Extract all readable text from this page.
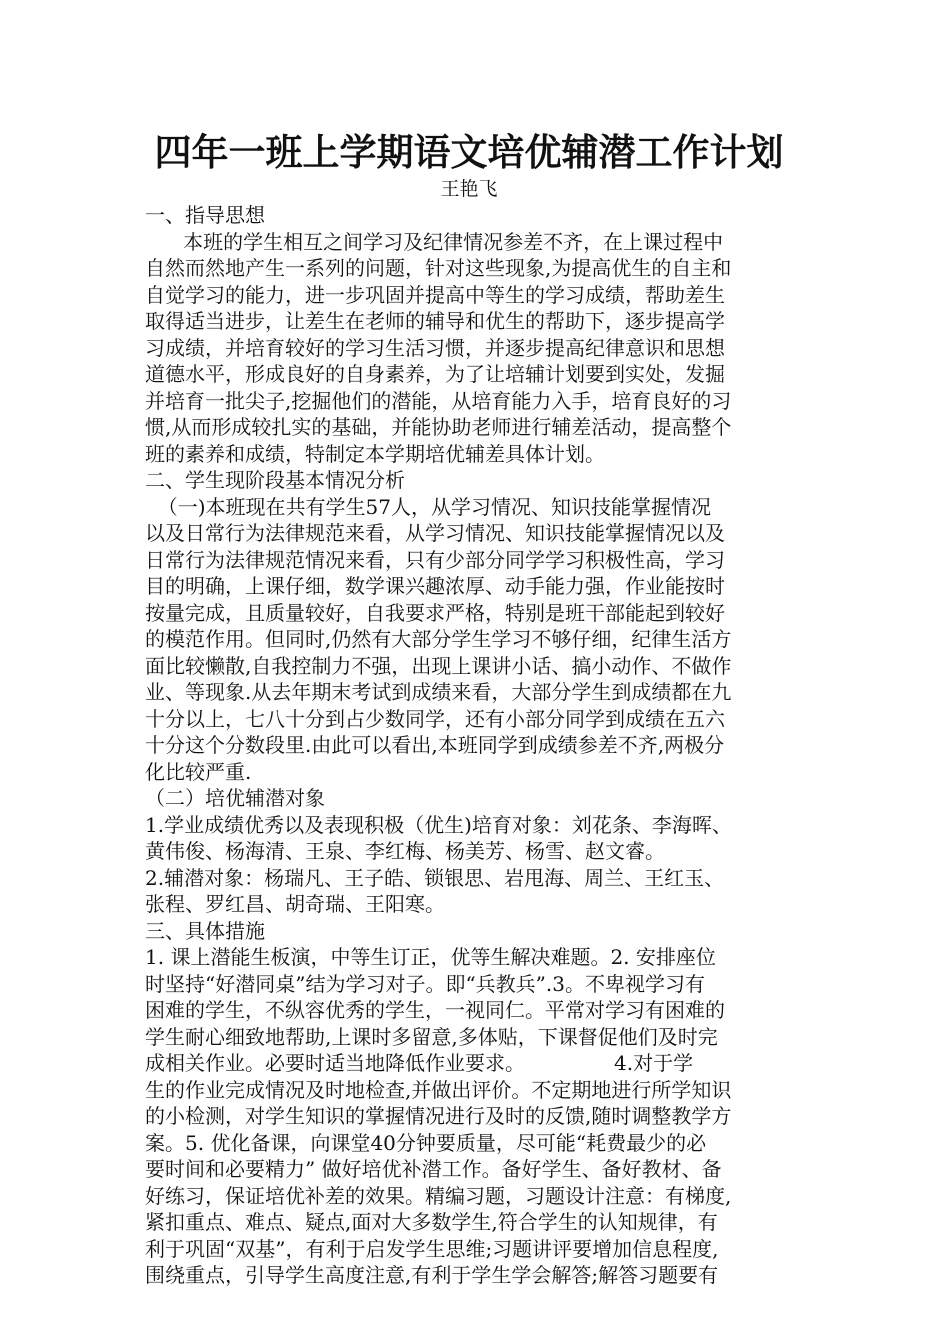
四年一班上学期语文培优辅潜工作计划

王艳飞

一、指导思想

本班的学生相互之间学习及纪律情况参差不齐，在上课过程中

自然而然地产生一系列的问题，针对这些现象,为提高优生的自主和

自觉学习的能力，进一步巩固并提高中等生的学习成绩，帮助差生

取得适当进步，让差生在老师的辅导和优生的帮助下，逐步提高学

习成绩，并培育较好的学习生活习惯，并逐步提高纪律意识和思想

道德水平，形成良好的自身素养，为了让培辅计划要到实处，发掘

并培育一批尖子,挖掘他们的潜能，从培育能力入手，培育良好的习

惯,从而形成较扎实的基础，并能协助老师进行辅差活动，提高整个

班的素养和成绩，特制定本学期培优辅差具体计划。

二、学生现阶段基本情况分析

（一)本班现在共有学生57人，从学习情况、知识技能掌握情况

以及日常行为法律规范来看，从学习情况、知识技能掌握情况以及

日常行为法律规范情况来看，只有少部分同学学习积极性高，学习

目的明确，上课仔细，数学课兴趣浓厚、动手能力强，作业能按时

按量完成，且质量较好，自我要求严格，特别是班干部能起到较好

的模范作用。但同时,仍然有大部分学生学习不够仔细，纪律生活方

面比较懒散,自我控制力不强，出现上课讲小话、搞小动作、不做作

业、等现象.从去年期末考试到成绩来看，大部分学生到成绩都在九

十分以上，七八十分到占少数同学，还有小部分同学到成绩在五六

十分这个分数段里.由此可以看出,本班同学到成绩参差不齐,两极分

化比较严重.

（二）培优辅潜对象

1.学业成绩优秀以及表现积极（优生)培育对象：刘花条、李海晖、

黄伟俊、杨海清、王泉、李红梅、杨美芳、杨雪、赵文睿。

2.辅潜对象：杨瑞凡、王子皓、锁银思、岩甩海、周兰、王红玉、

张程、罗红昌、胡奇瑞、王阳寒。

三、具体措施

1. 课上潜能生板演，中等生订正，优等生解决难题。2. 安排座位

时坚持“好潜同桌”结为学习对子。即“兵教兵”.3。不卑视学习有

困难的学生，不纵容优秀的学生，一视同仁。平常对学习有困难的

学生耐心细致地帮助,上课时多留意,多体贴，下课督促他们及时完

成相关作业。必要时适当地降低作业要求。              4.对于学

生的作业完成情况及时地检查,并做出评价。不定期地进行所学知识

的小检测，对学生知识的掌握情况进行及时的反馈,随时调整教学方

案。5. 优化备课，向课堂40分钟要质量，尽可能“耗费最少的必

要时间和必要精力” 做好培优补潜工作。备好学生、备好教材、备

好练习，保证培优补差的效果。精编习题，习题设计注意：有梯度,

紧扣重点、难点、疑点,面对大多数学生,符合学生的认知规律，有

利于巩固“双基”，有利于启发学生思维;习题讲评要增加信息程度,

围绕重点，引导学生高度注意,有利于学生学会解答;解答习题要有
